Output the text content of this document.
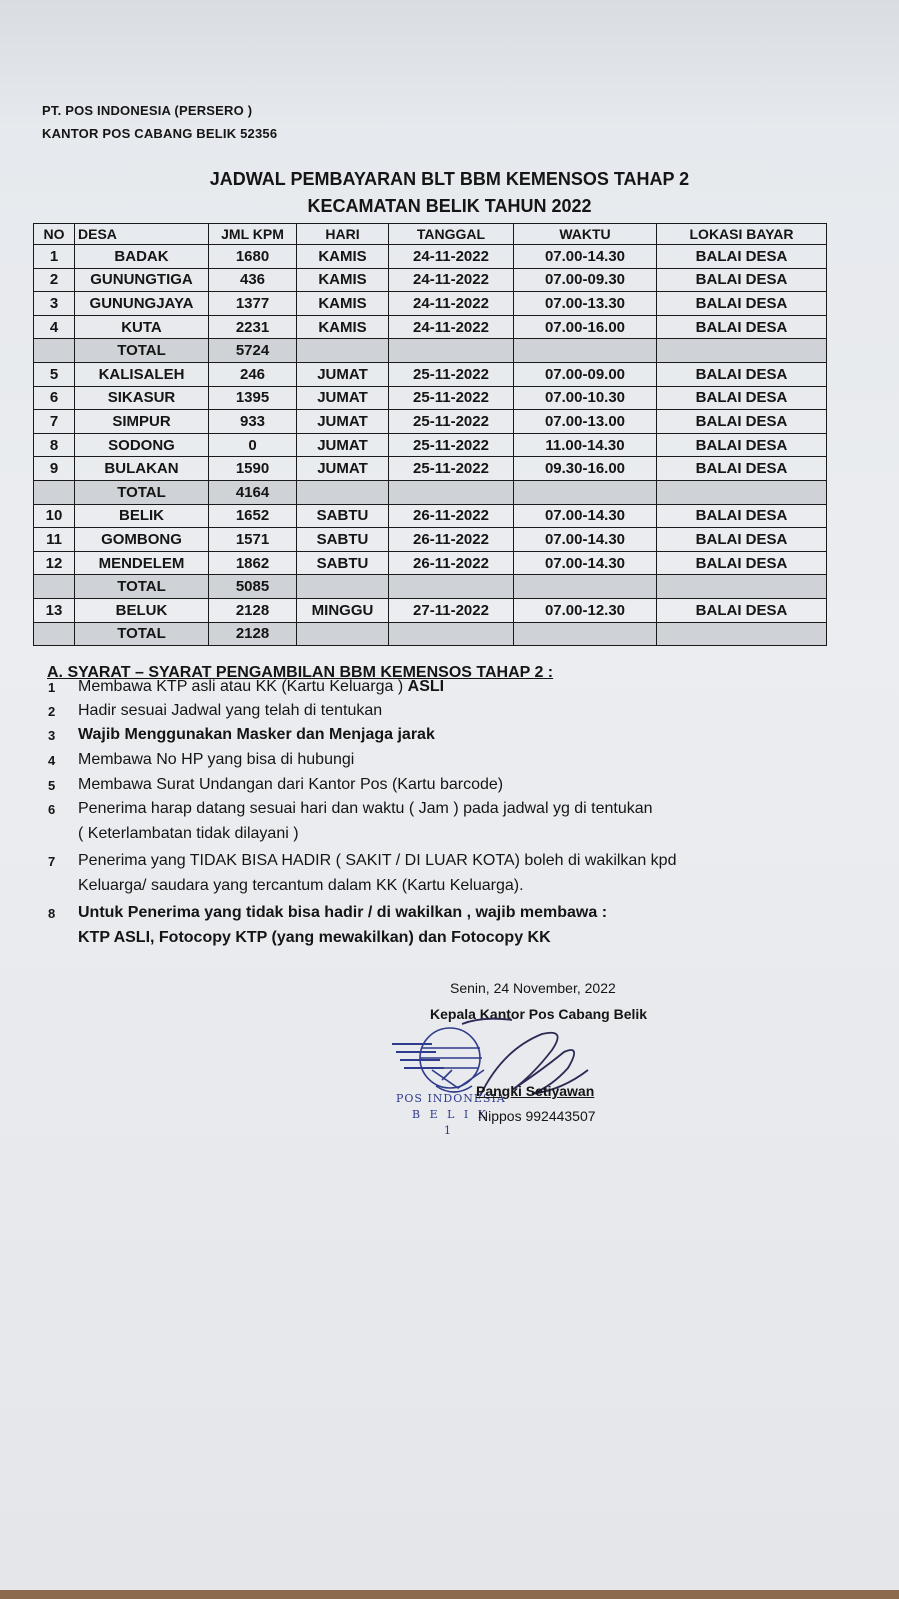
PT. POS INDONESIA (PERSERO )
KANTOR POS CABANG BELIK 52356
JADWAL PEMBAYARAN BLT BBM KEMENSOS TAHAP 2
KECAMATAN BELIK TAHUN 2022
NO	DESA	JML KPM	HARI	TANGGAL	WAKTU	LOKASI BAYAR
1	BADAK	1680	KAMIS	24-11-2022	07.00-14.30	BALAI DESA
2	GUNUNGTIGA	436	KAMIS	24-11-2022	07.00-09.30	BALAI DESA
3	GUNUNGJAYA	1377	KAMIS	24-11-2022	07.00-13.30	BALAI DESA
4	KUTA	2231	KAMIS	24-11-2022	07.00-16.00	BALAI DESA
	TOTAL	5724				
5	KALISALEH	246	JUMAT	25-11-2022	07.00-09.00	BALAI DESA
6	SIKASUR	1395	JUMAT	25-11-2022	07.00-10.30	BALAI DESA
7	SIMPUR	933	JUMAT	25-11-2022	07.00-13.00	BALAI DESA
8	SODONG	0	JUMAT	25-11-2022	11.00-14.30	BALAI DESA
9	BULAKAN	1590	JUMAT	25-11-2022	09.30-16.00	BALAI DESA
	TOTAL	4164				
10	BELIK	1652	SABTU	26-11-2022	07.00-14.30	BALAI DESA
11	GOMBONG	1571	SABTU	26-11-2022	07.00-14.30	BALAI DESA
12	MENDELEM	1862	SABTU	26-11-2022	07.00-14.30	BALAI DESA
	TOTAL	5085				
13	BELUK	2128	MINGGU	27-11-2022	07.00-12.30	BALAI DESA
	TOTAL	2128				
A. SYARAT – SYARAT PENGAMBILAN BBM KEMENSOS TAHAP 2 :
1	Membawa KTP asli atau KK (Kartu Keluarga ) ASLI
2	Hadir sesuai Jadwal yang telah di tentukan
3	Wajib Menggunakan Masker dan Menjaga jarak
4	Membawa No HP yang bisa di hubungi
5	Membawa Surat Undangan dari Kantor Pos (Kartu barcode)
6	Penerima harap datang sesuai hari dan waktu ( Jam ) pada jadwal yg di tentukan
( Keterlambatan tidak dilayani )
7	Penerima yang TIDAK BISA HADIR ( SAKIT / DI LUAR KOTA) boleh di wakilkan kpd
Keluarga/ saudara yang tercantum dalam KK (Kartu Keluarga).
8	Untuk Penerima yang tidak bisa hadir / di wakilkan , wajib membawa :
KTP ASLI, Fotocopy KTP (yang mewakilkan) dan Fotocopy KK
Senin, 24 November, 2022
Kepala Kantor Pos Cabang Belik
POS INDONESIA
B E L I K
1
Pangki Setiyawan
Nippos 992443507
